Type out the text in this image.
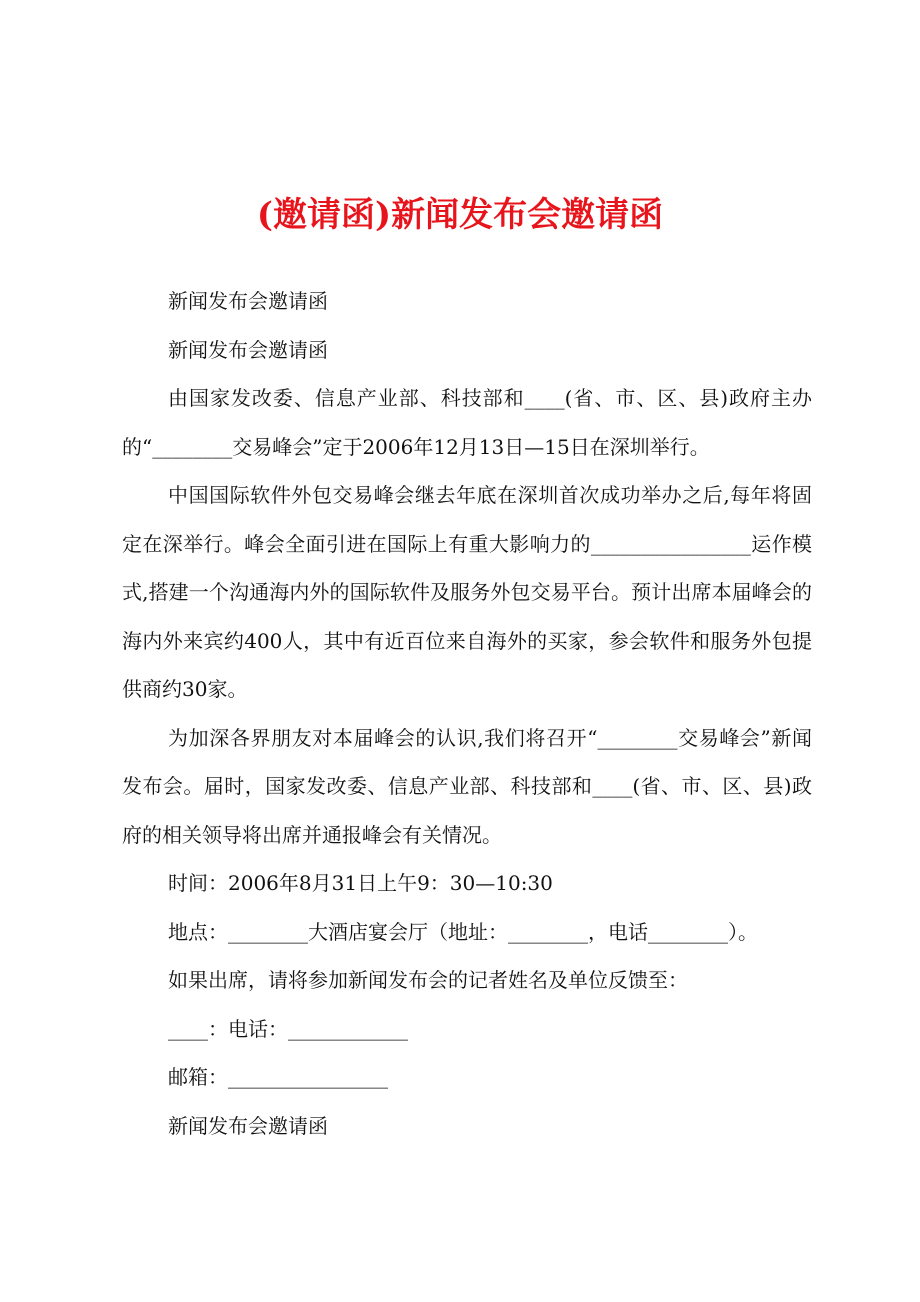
(邀请函)新闻发布会邀请函

新闻发布会邀请函

新闻发布会邀请函

由国家发改委、信息产业部、科技部和____(省、市、区、县)政府主办的“________交易峰会”定于2006年12月13日—15日在深圳举行。

中国国际软件外包交易峰会继去年底在深圳首次成功举办之后,每年将固定在深举行。峰会全面引进在国际上有重大影响力的________________运作模式,搭建一个沟通海内外的国际软件及服务外包交易平台。预计出席本届峰会的海内外来宾约400人，其中有近百位来自海外的买家，参会软件和服务外包提供商约30家。

为加深各界朋友对本届峰会的认识,我们将召开“________交易峰会”新闻发布会。届时，国家发改委、信息产业部、科技部和____(省、市、区、县)政府的相关领导将出席并通报峰会有关情况。

时间：2006年8月31日上午9：30—10:30

地点：________大酒店宴会厅（地址：________，电话________）。

如果出席，请将参加新闻发布会的记者姓名及单位反馈至：

____：电话：____________

邮箱：________________

新闻发布会邀请函
